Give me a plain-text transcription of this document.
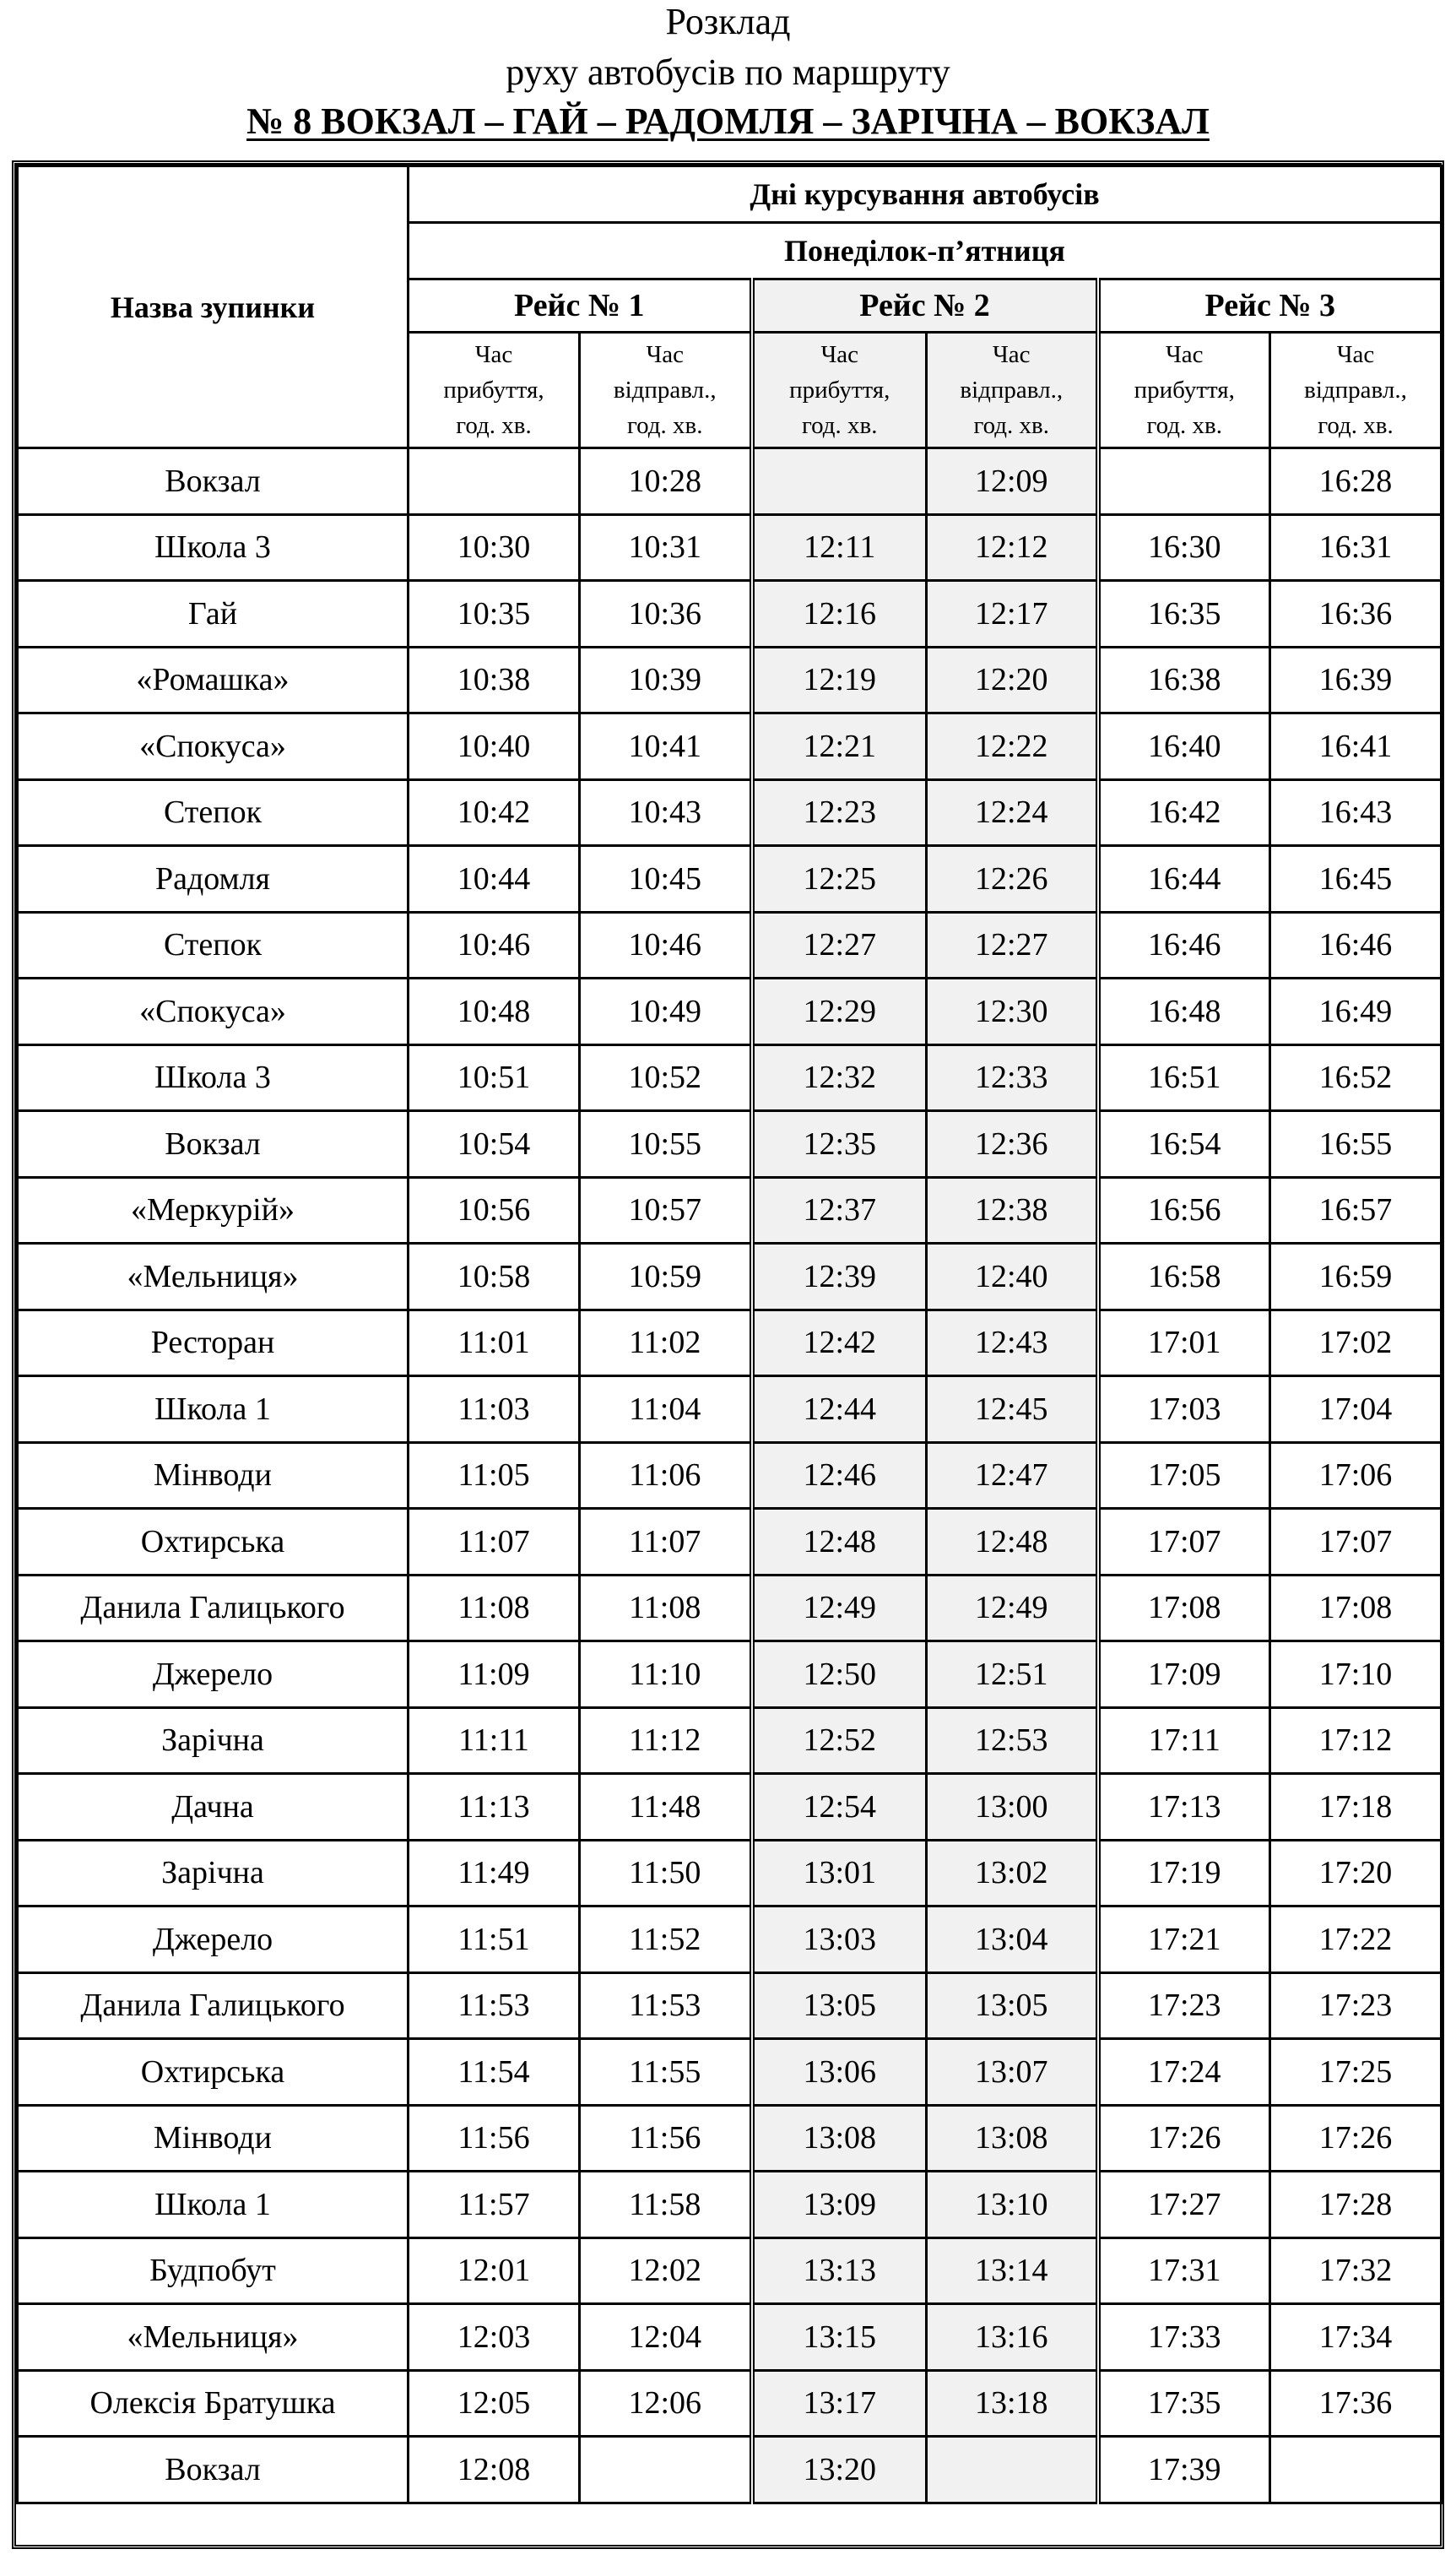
Розклад
руху автобусів по маршруту
№ 8 ВОКЗАЛ – ГАЙ – РАДОМЛЯ – ЗАРІЧНА – ВОКЗАЛ
Назва зупинки	Дні курсування автобусів					
	Понеділок-п’ятниця					
	Рейс № 1		Рейс № 2		Рейс № 3	
	Час
прибуття,
год. хв.	Час
відправл.,
год. хв.	Час
прибуття,
год. хв.	Час
відправл.,
год. хв.	Час
прибуття,
год. хв.	Час
відправл.,
год. хв.
Вокзал		10:28		12:09		16:28
Школа 3	10:30	10:31	12:11	12:12	16:30	16:31
Гай	10:35	10:36	12:16	12:17	16:35	16:36
«Ромашка»	10:38	10:39	12:19	12:20	16:38	16:39
«Спокуса»	10:40	10:41	12:21	12:22	16:40	16:41
Степок	10:42	10:43	12:23	12:24	16:42	16:43
Радомля	10:44	10:45	12:25	12:26	16:44	16:45
Степок	10:46	10:46	12:27	12:27	16:46	16:46
«Спокуса»	10:48	10:49	12:29	12:30	16:48	16:49
Школа 3	10:51	10:52	12:32	12:33	16:51	16:52
Вокзал	10:54	10:55	12:35	12:36	16:54	16:55
«Меркурій»	10:56	10:57	12:37	12:38	16:56	16:57
«Мельниця»	10:58	10:59	12:39	12:40	16:58	16:59
Ресторан	11:01	11:02	12:42	12:43	17:01	17:02
Школа 1	11:03	11:04	12:44	12:45	17:03	17:04
Мінводи	11:05	11:06	12:46	12:47	17:05	17:06
Охтирська	11:07	11:07	12:48	12:48	17:07	17:07
Данила Галицького	11:08	11:08	12:49	12:49	17:08	17:08
Джерело	11:09	11:10	12:50	12:51	17:09	17:10
Зарічна	11:11	11:12	12:52	12:53	17:11	17:12
Дачна	11:13	11:48	12:54	13:00	17:13	17:18
Зарічна	11:49	11:50	13:01	13:02	17:19	17:20
Джерело	11:51	11:52	13:03	13:04	17:21	17:22
Данила Галицького	11:53	11:53	13:05	13:05	17:23	17:23
Охтирська	11:54	11:55	13:06	13:07	17:24	17:25
Мінводи	11:56	11:56	13:08	13:08	17:26	17:26
Школа 1	11:57	11:58	13:09	13:10	17:27	17:28
Будпобут	12:01	12:02	13:13	13:14	17:31	17:32
«Мельниця»	12:03	12:04	13:15	13:16	17:33	17:34
Олексія Братушка	12:05	12:06	13:17	13:18	17:35	17:36
Вокзал	12:08		13:20		17:39	
